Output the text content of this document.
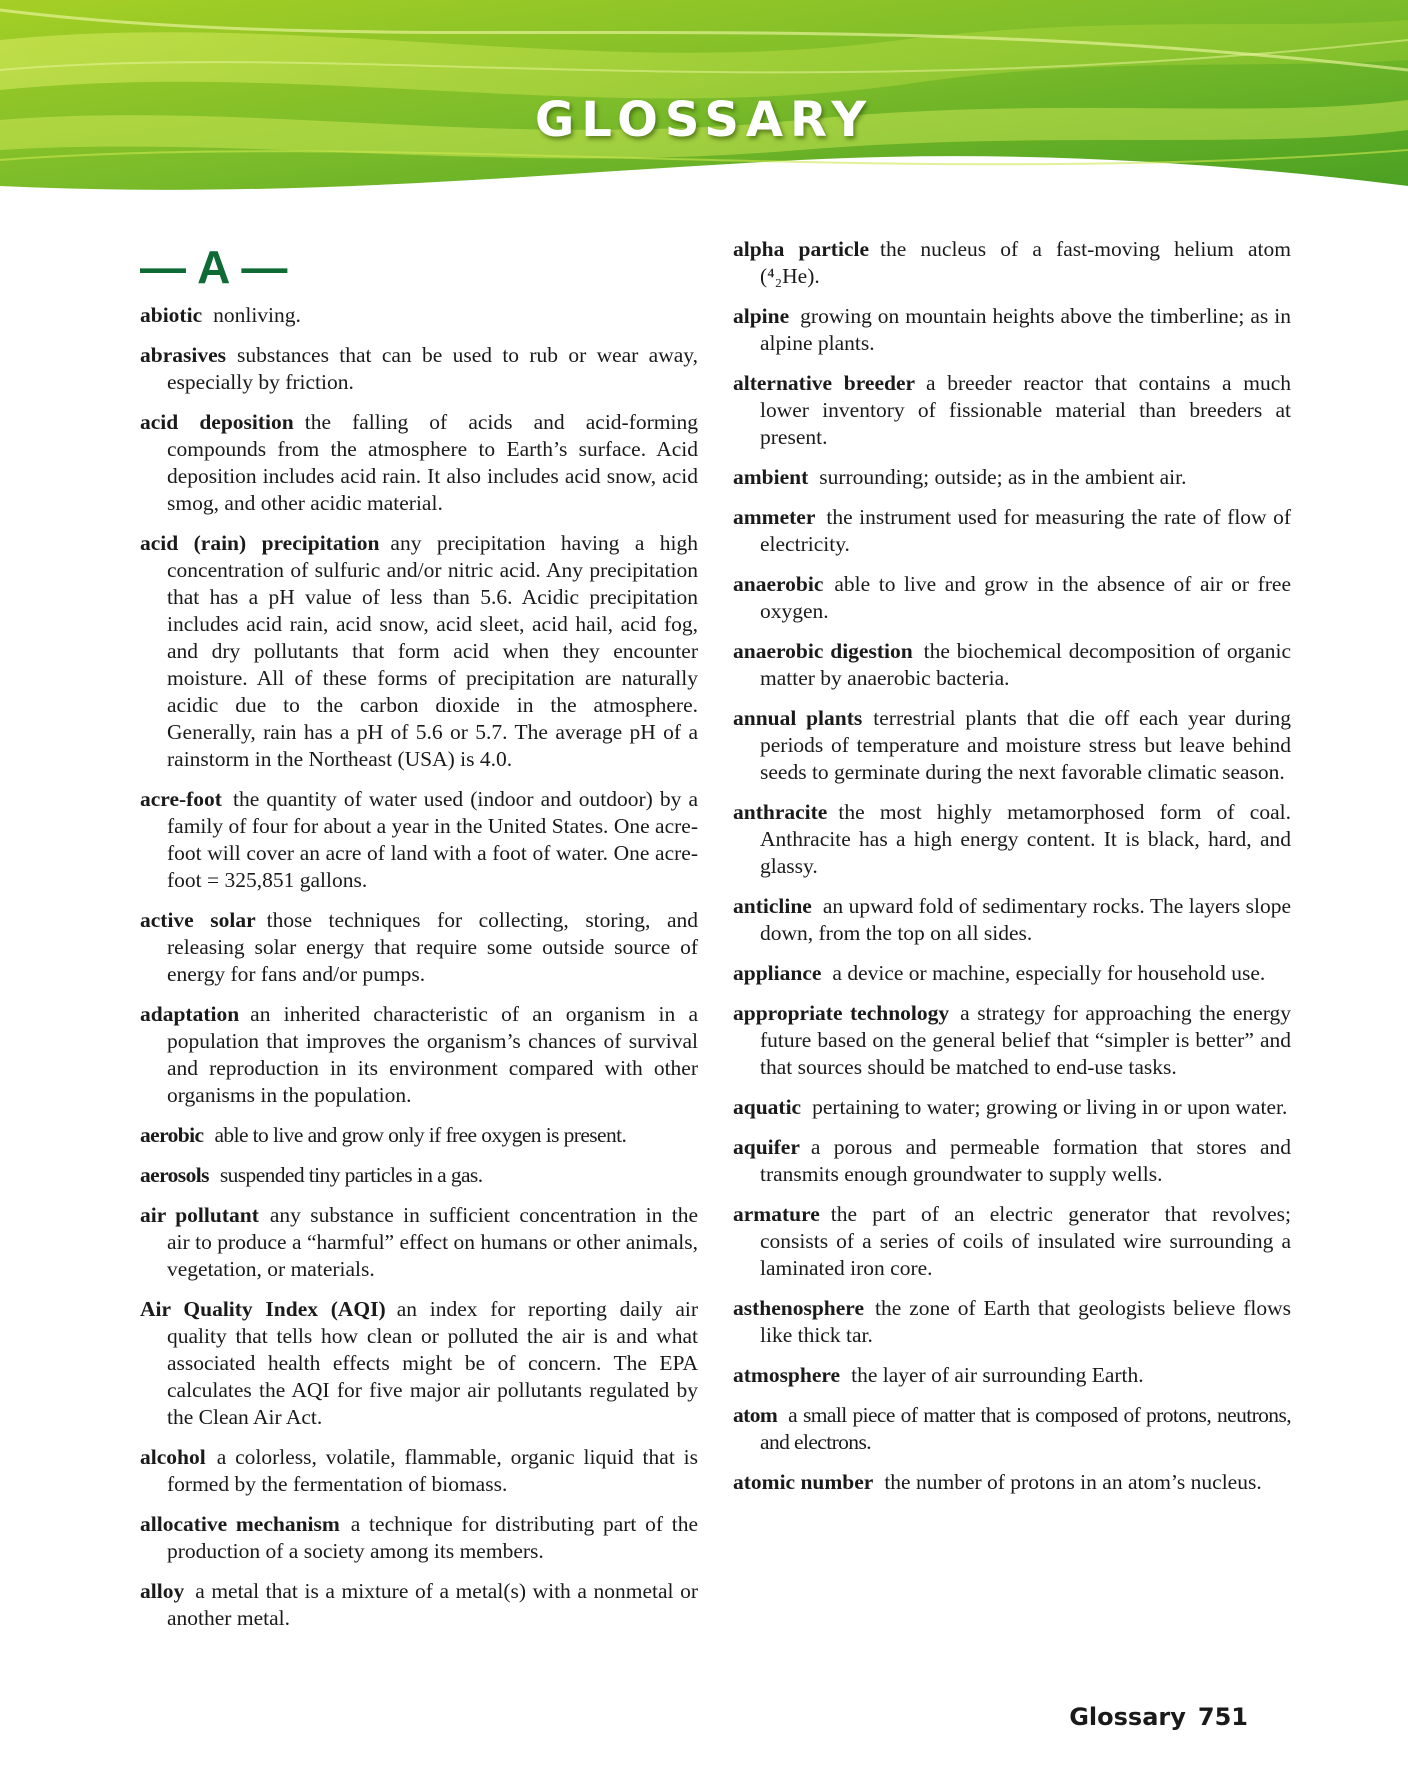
GLOSSARY
— A —

abiotic nonliving.

abrasives substances that can be used to rub or wear away, especially by friction.

acid deposition the falling of acids and acid-forming compounds from the atmosphere to Earth’s surface. Acid deposition includes acid rain. It also includes acid snow, acid smog, and other acidic material.

acid (rain) precipitation any precipitation having a high concentration of sulfuric and/or nitric acid. Any precipitation that has a pH value of less than 5.6. Acidic precipitation includes acid rain, acid snow, acid sleet, acid hail, acid fog, and dry pollutants that form acid when they encounter moisture. All of these forms of precipitation are naturally acidic due to the carbon dioxide in the atmosphere. Generally, rain has a pH of 5.6 or 5.7. The average pH of a rainstorm in the Northeast (USA) is 4.0.

acre-foot the quantity of water used (indoor and outdoor) by a family of four for about a year in the United States. One acre-foot will cover an acre of land with a foot of water. One acre-foot = 325,851 gallons.

active solar those techniques for collecting, storing, and releasing solar energy that require some outside source of energy for fans and/or pumps.

adaptation an inherited characteristic of an organism in a population that improves the organism’s chances of survival and reproduction in its environment compared with other organisms in the population.

aerobic able to live and grow only if free oxygen is present.

aerosols suspended tiny particles in a gas.

air pollutant any substance in sufficient concentration in the air to produce a “harmful” effect on humans or other animals, vegetation, or materials.

Air Quality Index (AQI) an index for reporting daily air quality that tells how clean or polluted the air is and what associated health effects might be of concern. The EPA calculates the AQI for five major air pollutants regulated by the Clean Air Act.

alcohol a colorless, volatile, flammable, organic liquid that is formed by the fermentation of biomass.

allocative mechanism a technique for distributing part of the production of a society among its members.

alloy a metal that is a mixture of a metal(s) with a nonmetal or another metal.

alpha particle the nucleus of a fast-moving helium atom (⁴₂He).

alpine growing on mountain heights above the timberline; as in alpine plants.

alternative breeder a breeder reactor that contains a much lower inventory of fissionable material than breeders at present.

ambient surrounding; outside; as in the ambient air.

ammeter the instrument used for measuring the rate of flow of electricity.

anaerobic able to live and grow in the absence of air or free oxygen.

anaerobic digestion the biochemical decomposition of organic matter by anaerobic bacteria.

annual plants terrestrial plants that die off each year during periods of temperature and moisture stress but leave behind seeds to germinate during the next favorable climatic season.

anthracite the most highly metamorphosed form of coal. Anthracite has a high energy content. It is black, hard, and glassy.

anticline an upward fold of sedimentary rocks. The layers slope down, from the top on all sides.

appliance a device or machine, especially for household use.

appropriate technology a strategy for approaching the energy future based on the general belief that “simpler is better” and that sources should be matched to end-use tasks.

aquatic pertaining to water; growing or living in or upon water.

aquifer a porous and permeable formation that stores and transmits enough groundwater to supply wells.

armature the part of an electric generator that revolves; consists of a series of coils of insulated wire surrounding a laminated iron core.

asthenosphere the zone of Earth that geologists believe flows like thick tar.

atmosphere the layer of air surrounding Earth.

atom a small piece of matter that is composed of protons, neutrons, and electrons.

atomic number the number of protons in an atom’s nucleus.

Glossary 751
